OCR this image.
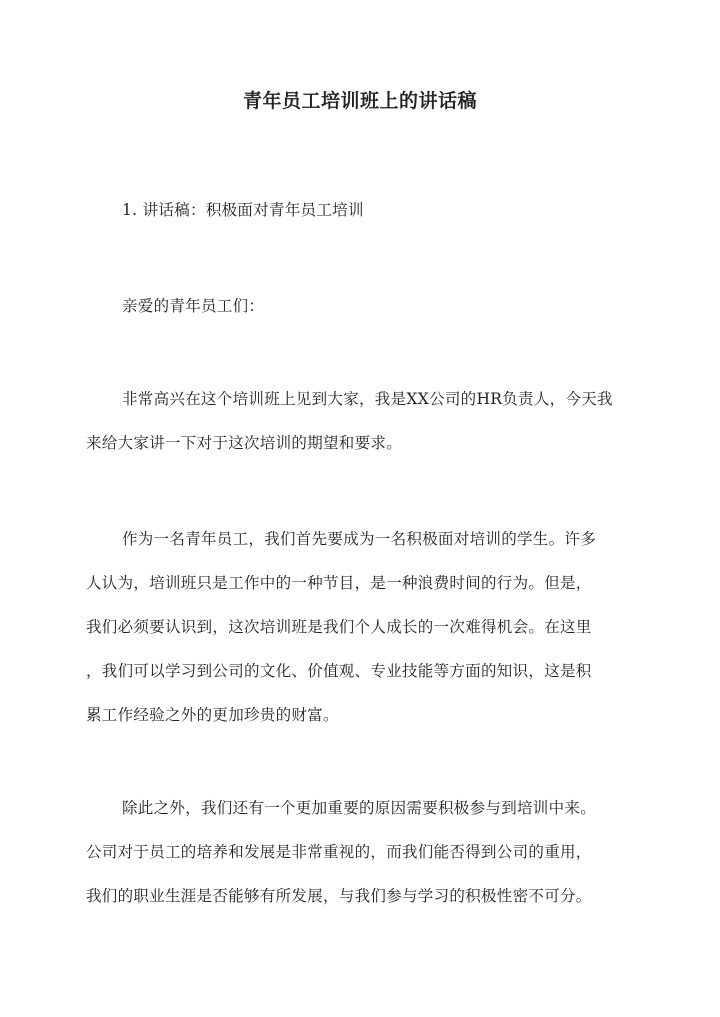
青年员工培训班上的讲话稿
1. 讲话稿：积极面对青年员工培训
亲爱的青年员工们：
非常高兴在这个培训班上见到大家，我是XX公司的HR负责人，今天我
来给大家讲一下对于这次培训的期望和要求。
作为一名青年员工，我们首先要成为一名积极面对培训的学生。许多
人认为，培训班只是工作中的一种节目，是一种浪费时间的行为。但是，
我们必须要认识到，这次培训班是我们个人成长的一次难得机会。在这里
，我们可以学习到公司的文化、价值观、专业技能等方面的知识，这是积
累工作经验之外的更加珍贵的财富。
除此之外，我们还有一个更加重要的原因需要积极参与到培训中来。
公司对于员工的培养和发展是非常重视的，而我们能否得到公司的重用，
我们的职业生涯是否能够有所发展，与我们参与学习的积极性密不可分。
